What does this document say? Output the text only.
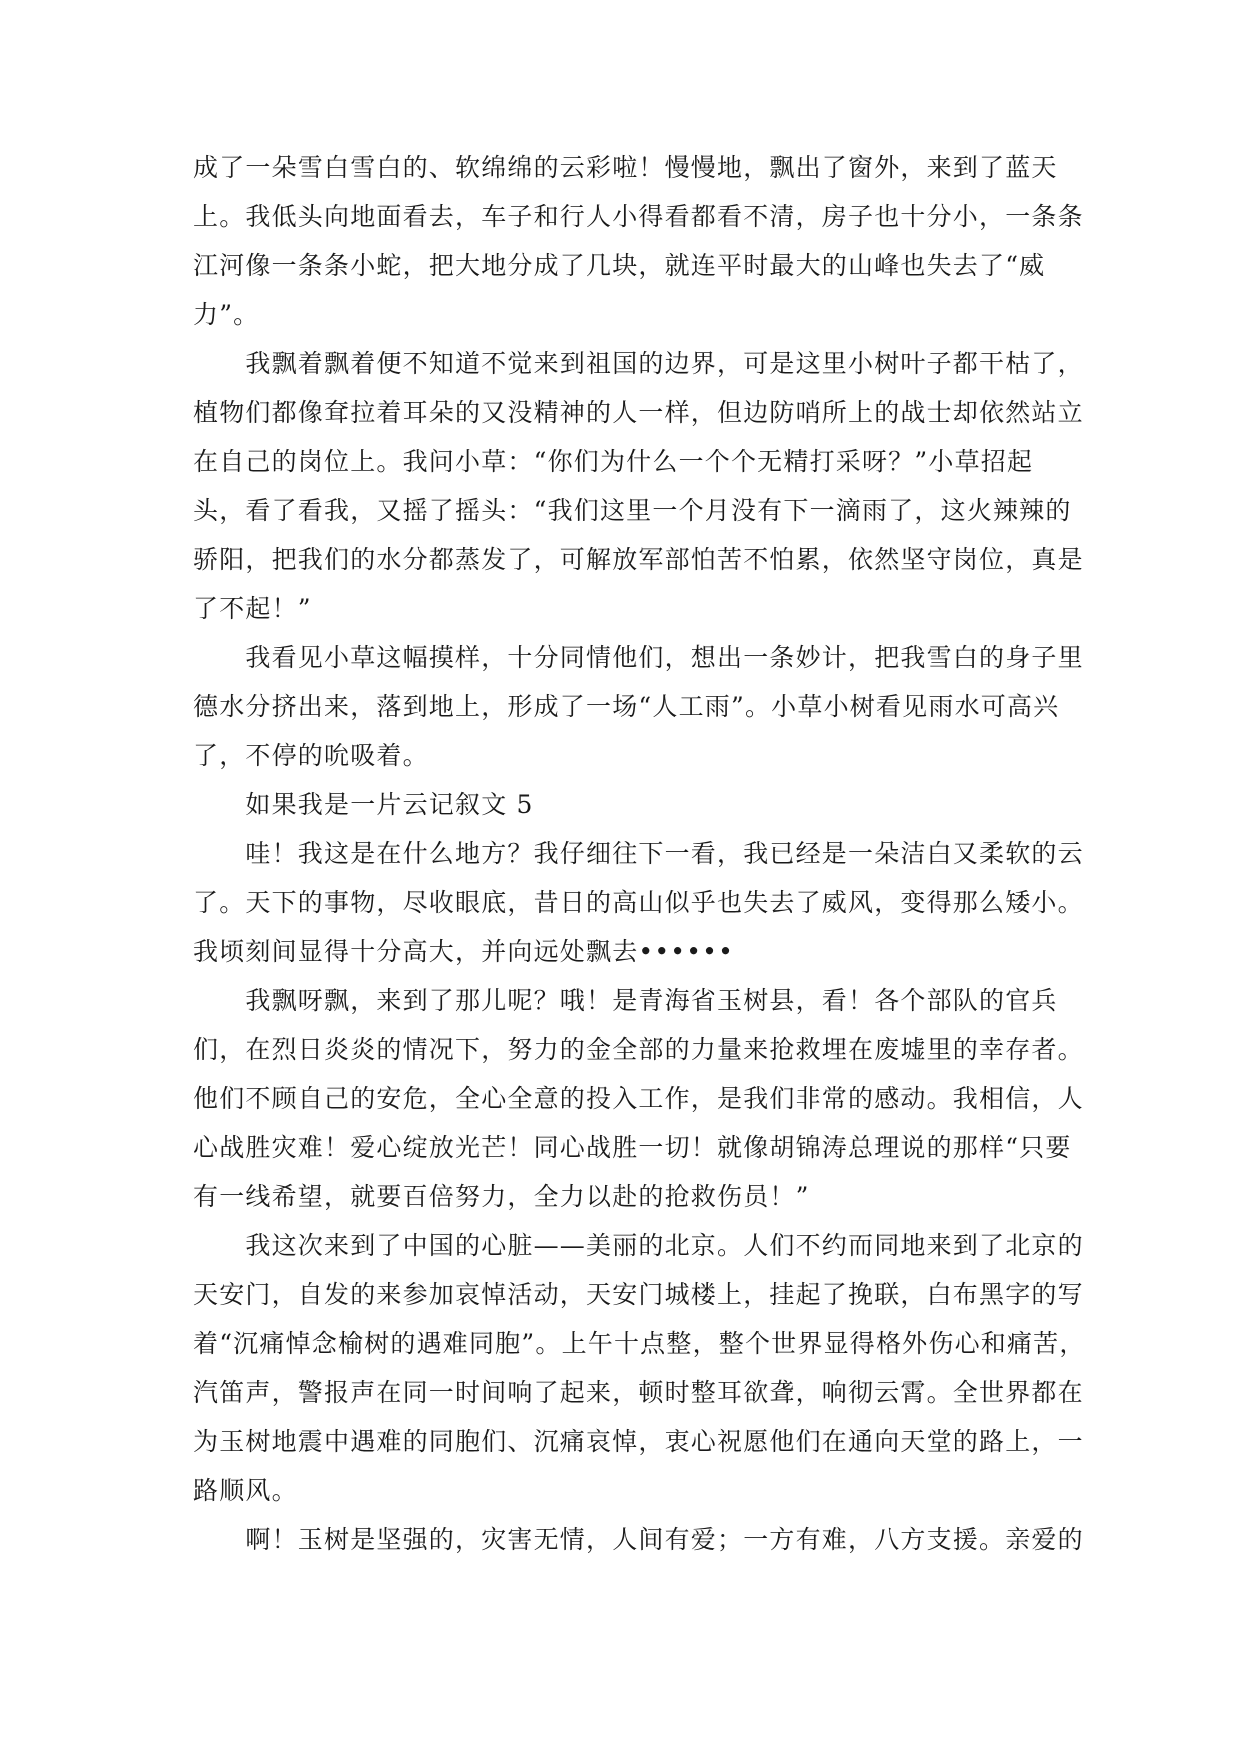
成了一朵雪白雪白的、软绵绵的云彩啦！慢慢地，飘出了窗外，来到了蓝天
上。我低头向地面看去，车子和行人小得看都看不清，房子也十分小，一条条
江河像一条条小蛇，把大地分成了几块，就连平时最大的山峰也失去了“威
力”。
　　我飘着飘着便不知道不觉来到祖国的边界，可是这里小树叶子都干枯了，
植物们都像耷拉着耳朵的又没精神的人一样，但边防哨所上的战士却依然站立
在自己的岗位上。我问小草：“你们为什么一个个无精打采呀？”小草招起
头，看了看我，又摇了摇头：“我们这里一个月没有下一滴雨了，这火辣辣的
骄阳，把我们的水分都蒸发了，可解放军部怕苦不怕累，依然坚守岗位，真是
了不起！”
　　我看见小草这幅摸样，十分同情他们，想出一条妙计，把我雪白的身子里
德水分挤出来，落到地上，形成了一场“人工雨”。小草小树看见雨水可高兴
了，不停的吮吸着。
　　如果我是一片云记叙文 5
　　哇！我这是在什么地方？我仔细往下一看，我已经是一朵洁白又柔软的云
了。天下的事物，尽收眼底，昔日的高山似乎也失去了威风，变得那么矮小。
我顷刻间显得十分高大，并向远处飘去••••••
　　我飘呀飘，来到了那儿呢？哦！是青海省玉树县，看！各个部队的官兵
们，在烈日炎炎的情况下，努力的金全部的力量来抢救埋在废墟里的幸存者。
他们不顾自己的安危，全心全意的投入工作，是我们非常的感动。我相信，人
心战胜灾难！爱心绽放光芒！同心战胜一切！就像胡锦涛总理说的那样“只要
有一线希望，就要百倍努力，全力以赴的抢救伤员！”
　　我这次来到了中国的心脏——美丽的北京。人们不约而同地来到了北京的
天安门，自发的来参加哀悼活动，天安门城楼上，挂起了挽联，白布黑字的写
着“沉痛悼念榆树的遇难同胞”。上午十点整，整个世界显得格外伤心和痛苦，
汽笛声，警报声在同一时间响了起来，顿时整耳欲聋，响彻云霄。全世界都在
为玉树地震中遇难的同胞们、沉痛哀悼，衷心祝愿他们在通向天堂的路上，一
路顺风。
　　啊！玉树是坚强的，灾害无情，人间有爱；一方有难，八方支援。亲爱的
